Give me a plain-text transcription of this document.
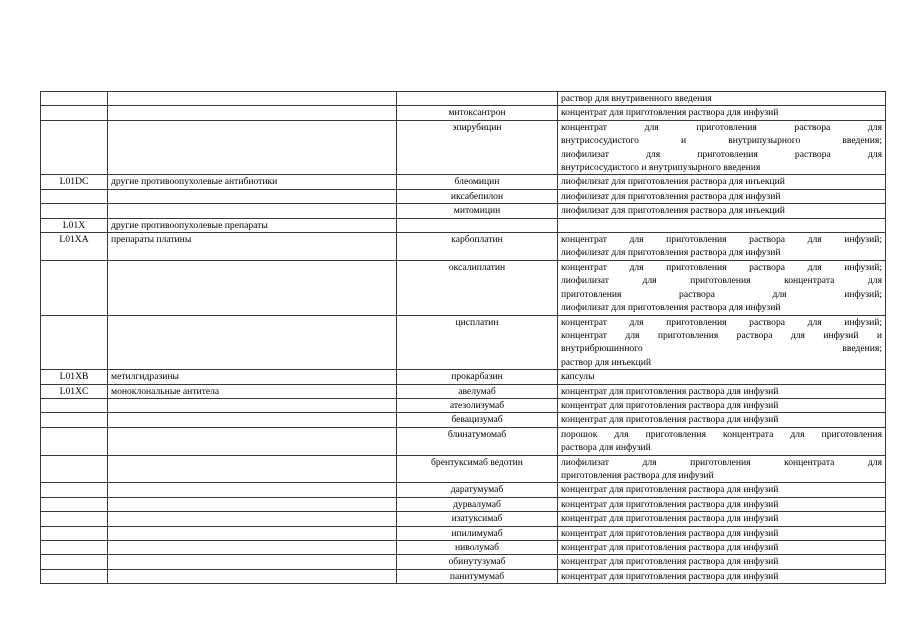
			раствор для внутривенного введения

		митоксантрон	концентрат для приготовления раствора для инфузий

		эпирубицин	концентрат для приготовления раствора для
внутрисосудистого и внутрипузырного введения;
лиофилизат для приготовления раствора для
внутрисосудистого и внутрипузырного введения

L01DC	другие противоопухолевые антибиотики	блеомицин	лиофилизат для приготовления раствора для инъекций

		иксабепилон	лиофилизат для приготовления раствора для инфузий

		митомицин	лиофилизат для приготовления раствора для инъекций

L01X	другие противоопухолевые препараты		
L01XA	препараты платины	карбоплатин	концентрат для приготовления раствора для инфузий;
лиофилизат для приготовления раствора для инфузий

		оксалиплатин	концентрат для приготовления раствора для инфузий;
лиофилизат для приготовления концентрата для
приготовления раствора для инфузий;
лиофилизат для приготовления раствора для инфузий

		цисплатин	концентрат для приготовления раствора для инфузий;
концентрат для приготовления раствора для инфузий и
внутрибрюшинного введения;
раствор для инъекций

L01XB	метилгидразины	прокарбазин	капсулы

L01XC	моноклональные антитела	авелумаб	концентрат для приготовления раствора для инфузий

		атезолизумаб	концентрат для приготовления раствора для инфузий

		бевацизумаб	концентрат для приготовления раствора для инфузий

		блинатумомаб	порошок для приготовления концентрата для приготовления
раствора для инфузий

		брентуксимаб ведотин	лиофилизат для приготовления концентрата для
приготовления раствора для инфузий

		даратумумаб	концентрат для приготовления раствора для инфузий

		дурвалумаб	концентрат для приготовления раствора для инфузий

		изатуксимаб	концентрат для приготовления раствора для инфузий

		ипилимумаб	концентрат для приготовления раствора для инфузий

		ниволумаб	концентрат для приготовления раствора для инфузий

		обинутузумаб	концентрат для приготовления раствора для инфузий

		панитумумаб	концентрат для приготовления раствора для инфузий
